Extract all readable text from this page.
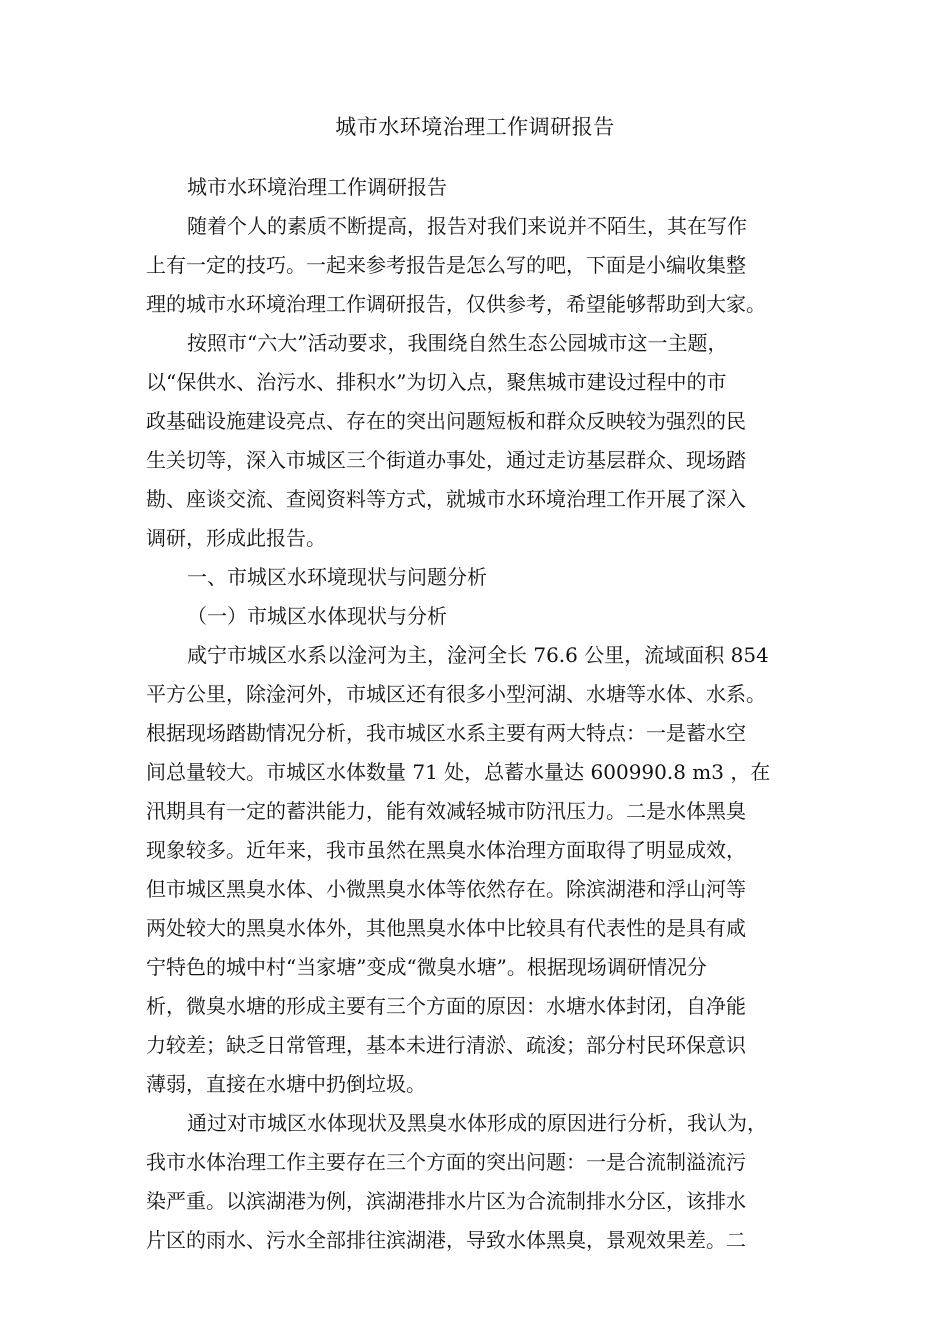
城市水环境治理工作调研报告

城市水环境治理工作调研报告

随着个人的素质不断提高，报告对我们来说并不陌生，其在写作

上有一定的技巧。一起来参考报告是怎么写的吧，下面是小编收集整

理的城市水环境治理工作调研报告，仅供参考，希望能够帮助到大家。

按照市“六大”活动要求，我围绕自然生态公园城市这一主题，

以“保供水、治污水、排积水”为切入点，聚焦城市建设过程中的市

政基础设施建设亮点、存在的突出问题短板和群众反映较为强烈的民

生关切等，深入市城区三个街道办事处，通过走访基层群众、现场踏

勘、座谈交流、查阅资料等方式，就城市水环境治理工作开展了深入

调研，形成此报告。

一、市城区水环境现状与问题分析

（一）市城区水体现状与分析

咸宁市城区水系以淦河为主，淦河全长 76.6 公里，流域面积 854

平方公里，除淦河外，市城区还有很多小型河湖、水塘等水体、水系。

根据现场踏勘情况分析，我市城区水系主要有两大特点：一是蓄水空

间总量较大。市城区水体数量 71 处，总蓄水量达 600990.8 m3 ，在

汛期具有一定的蓄洪能力，能有效减轻城市防汛压力。二是水体黑臭

现象较多。近年来，我市虽然在黑臭水体治理方面取得了明显成效，

但市城区黑臭水体、小微黑臭水体等依然存在。除滨湖港和浮山河等

两处较大的黑臭水体外，其他黑臭水体中比较具有代表性的是具有咸

宁特色的城中村“当家塘”变成“微臭水塘”。根据现场调研情况分

析，微臭水塘的形成主要有三个方面的原因：水塘水体封闭，自净能

力较差；缺乏日常管理，基本未进行清淤、疏浚；部分村民环保意识

薄弱，直接在水塘中扔倒垃圾。

通过对市城区水体现状及黑臭水体形成的原因进行分析，我认为，

我市水体治理工作主要存在三个方面的突出问题：一是合流制溢流污

染严重。以滨湖港为例，滨湖港排水片区为合流制排水分区，该排水

片区的雨水、污水全部排往滨湖港，导致水体黑臭，景观效果差。二
